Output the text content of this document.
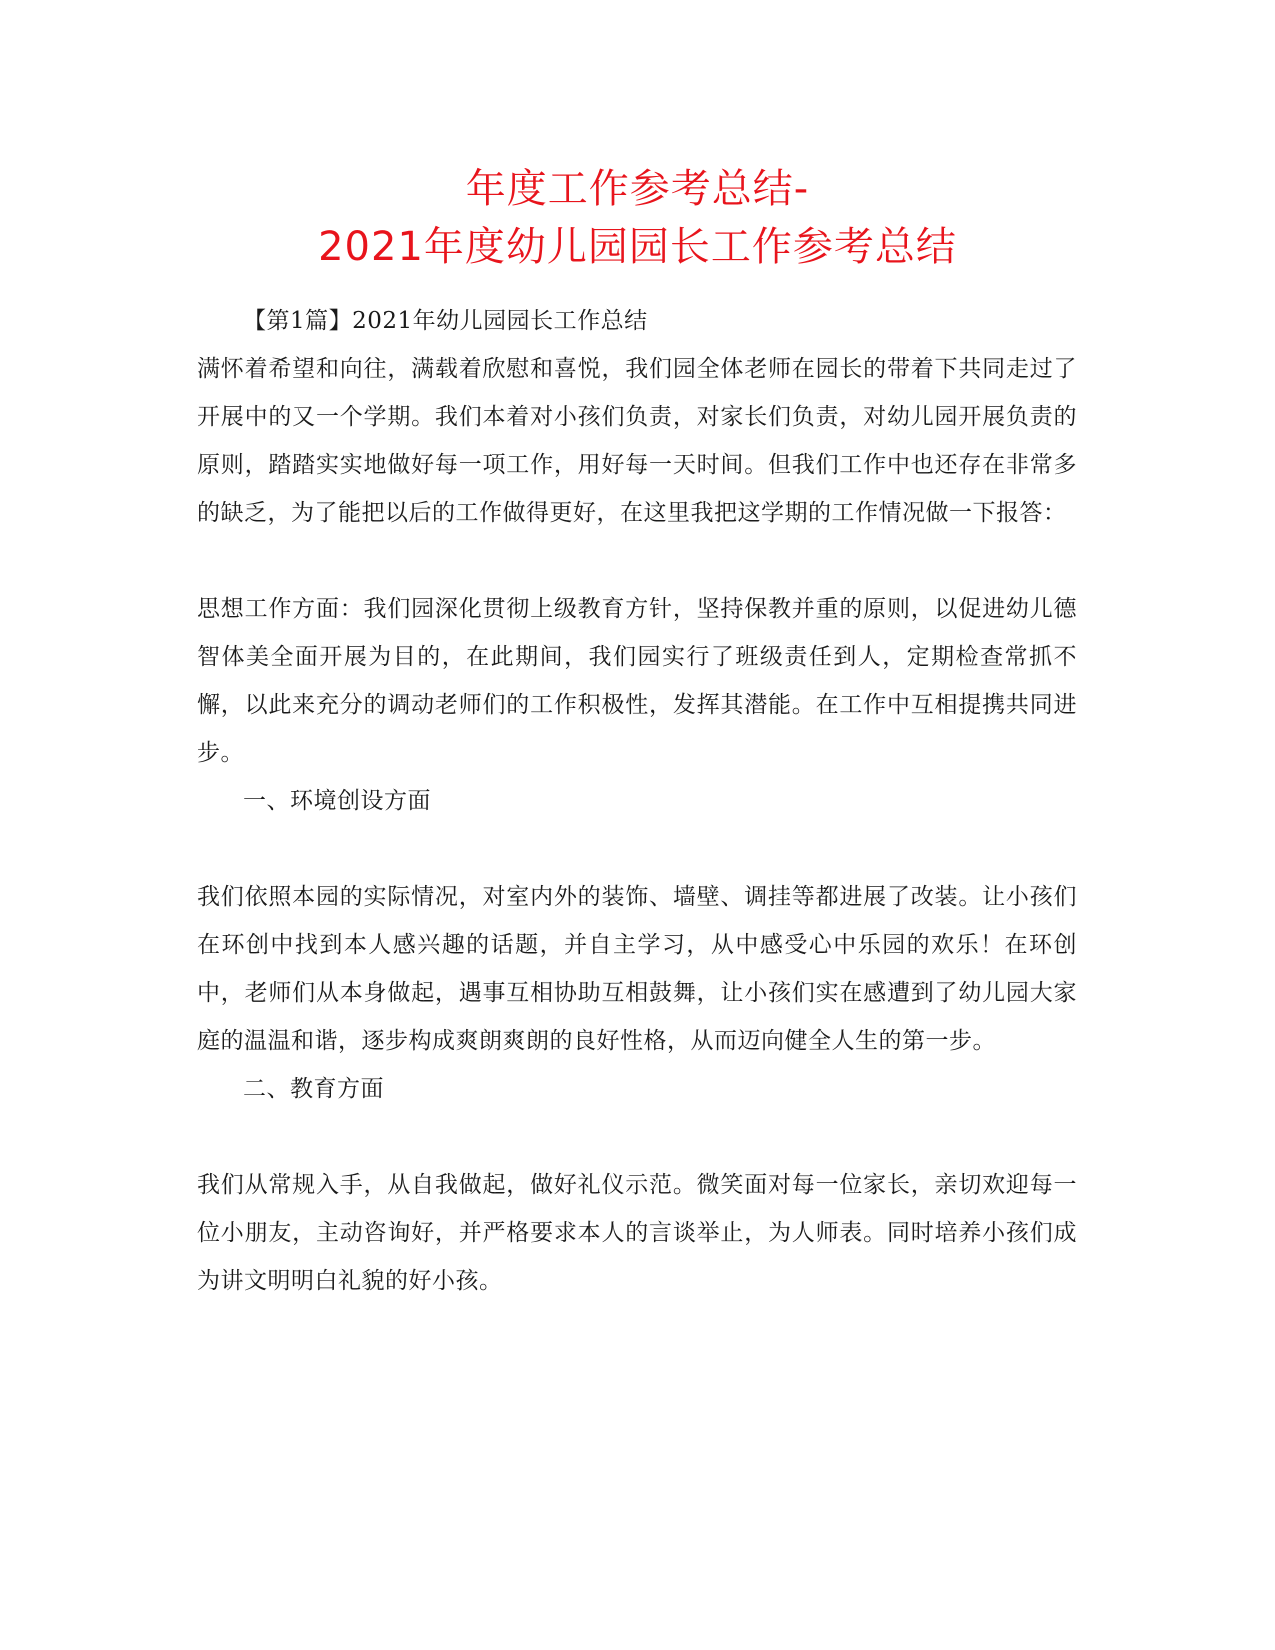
年度工作参考总结-
2021年度幼儿园园长工作参考总结

【第1篇】2021年幼儿园园长工作总结

满怀着希望和向往，满载着欣慰和喜悦，我们园全体老师在园长的带着下共同走过了开展中的又一个学期。我们本着对小孩们负责，对家长们负责，对幼儿园开展负责的原则，踏踏实实地做好每一项工作，用好每一天时间。但我们工作中也还存在非常多的缺乏，为了能把以后的工作做得更好，在这里我把这学期的工作情况做一下报答：

思想工作方面：我们园深化贯彻上级教育方针，坚持保教并重的原则，以促进幼儿德智体美全面开展为目的，在此期间，我们园实行了班级责任到人，定期检查常抓不懈，以此来充分的调动老师们的工作积极性，发挥其潜能。在工作中互相提携共同进步。

一、环境创设方面

我们依照本园的实际情况，对室内外的装饰、墙壁、调挂等都进展了改装。让小孩们在环创中找到本人感兴趣的话题，并自主学习，从中感受心中乐园的欢乐！在环创中，老师们从本身做起，遇事互相协助互相鼓舞，让小孩们实在感遭到了幼儿园大家庭的温温和谐，逐步构成爽朗爽朗的良好性格，从而迈向健全人生的第一步。

二、教育方面

我们从常规入手，从自我做起，做好礼仪示范。微笑面对每一位家长，亲切欢迎每一位小朋友，主动咨询好，并严格要求本人的言谈举止，为人师表。同时培养小孩们成为讲文明明白礼貌的好小孩。
